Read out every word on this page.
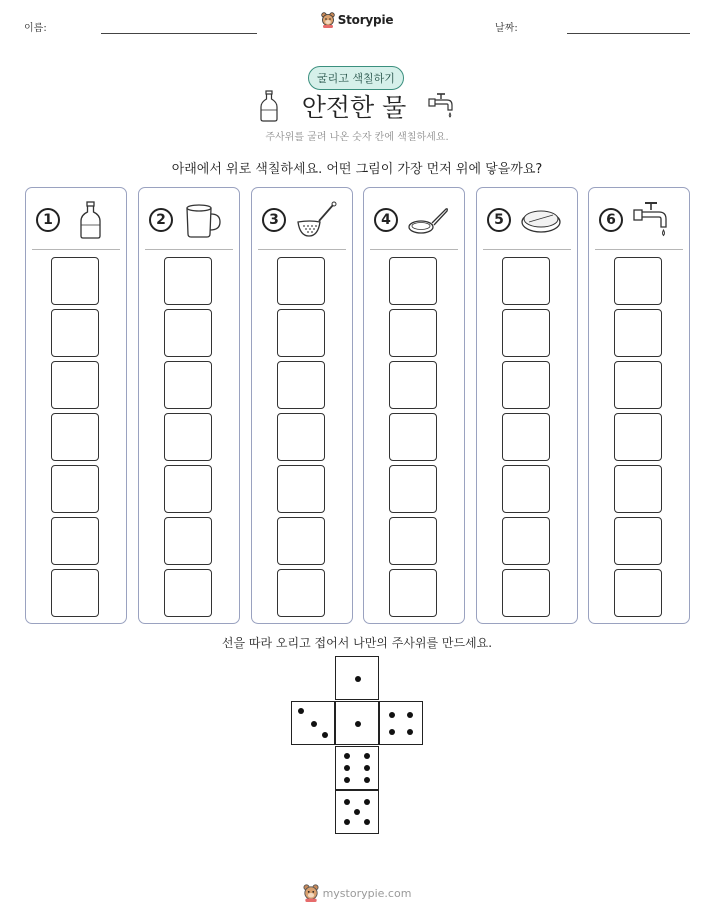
이름:
Storypie
날짜:
굴리고 색칠하기
안전한 물
주사위를 굴려 나온 숫자 칸에 색칠하세요.
아래에서 위로 색칠하세요. 어떤 그림이 가장 먼저 위에 닿을까요?
1	2	3	4	5	6
선을 따라 오리고 접어서 나만의 주사위를 만드세요.
mystorypie.com
